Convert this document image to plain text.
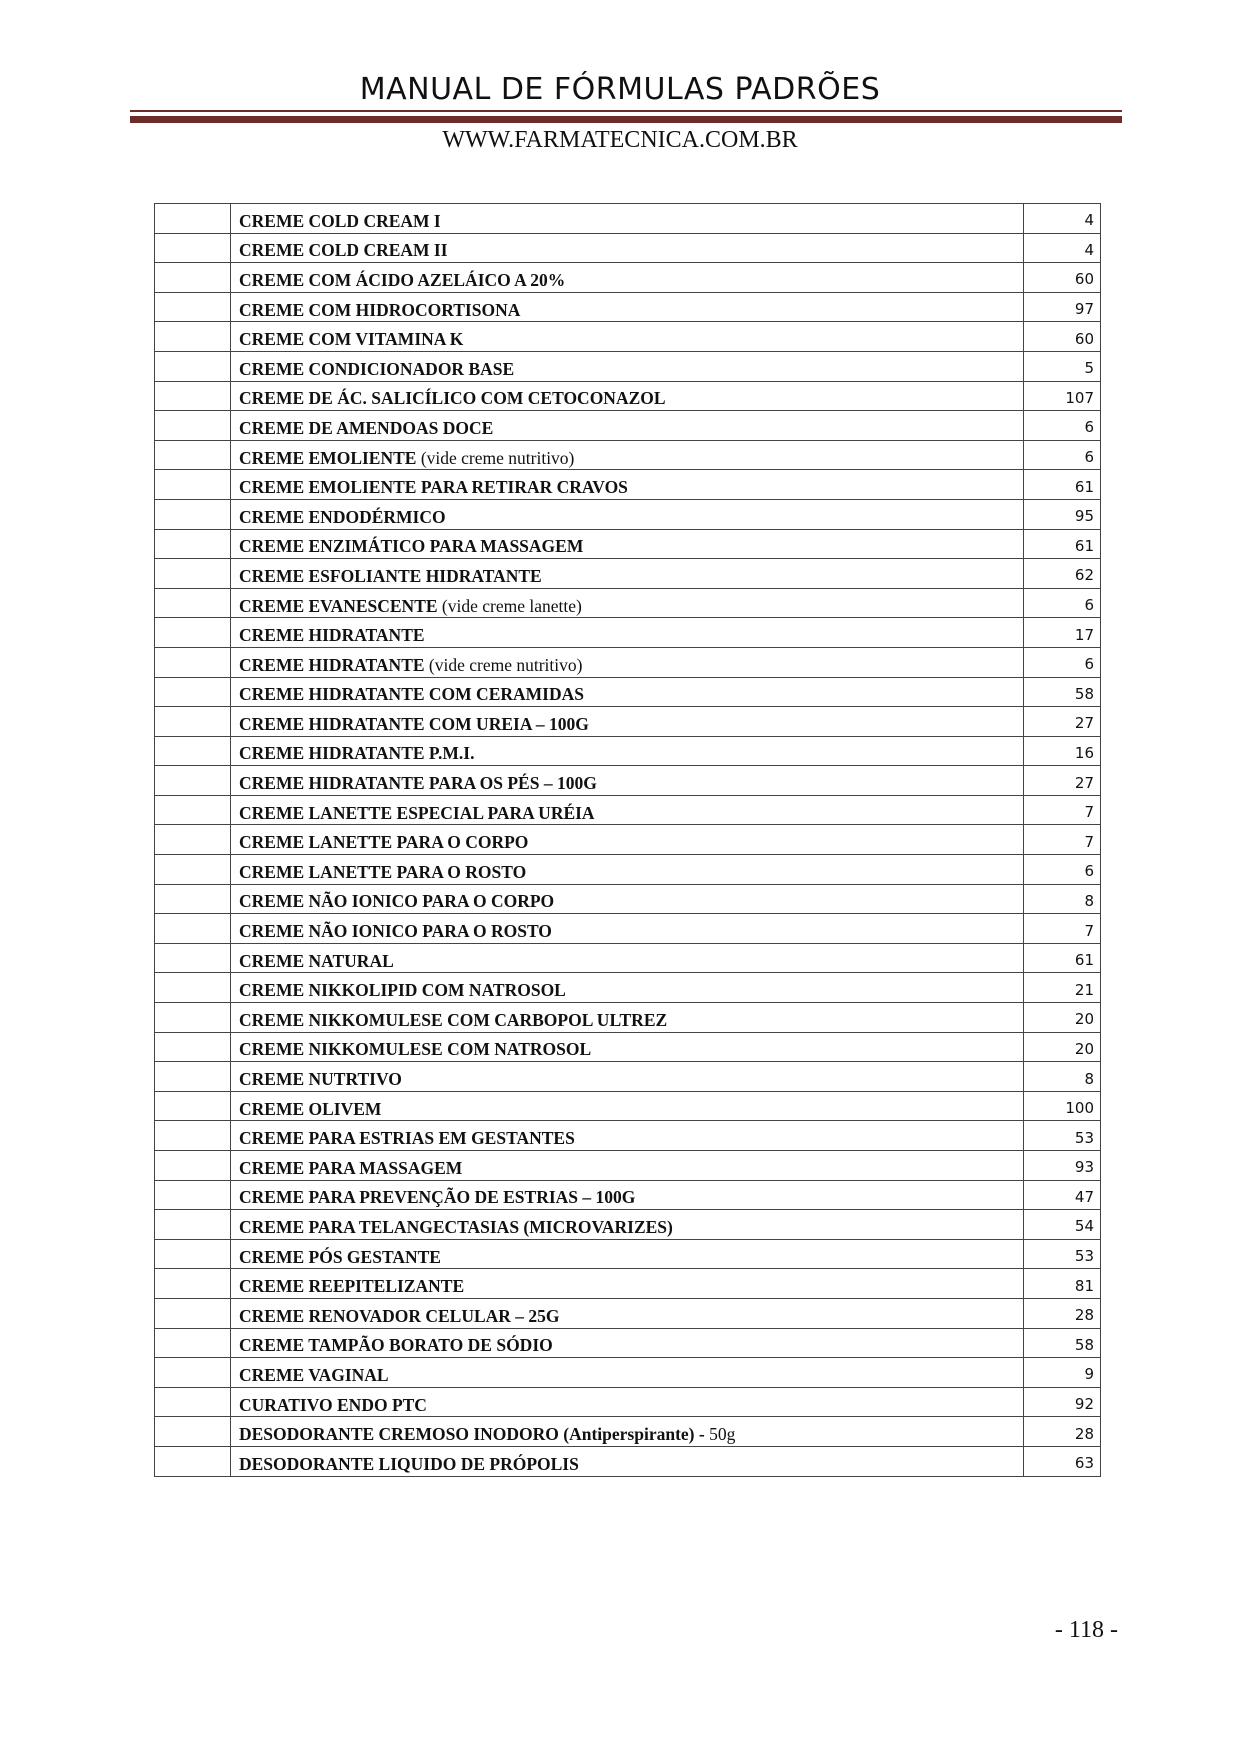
MANUAL DE FÓRMULAS PADRÕES
WWW.FARMATECNICA.COM.BR
	CREME COLD CREAM I	4
	CREME COLD CREAM II	4
	CREME COM ÁCIDO AZELÁICO A 20%	60
	CREME COM HIDROCORTISONA	97
	CREME COM VITAMINA K	60
	CREME CONDICIONADOR BASE	5
	CREME DE ÁC. SALICÍLICO COM CETOCONAZOL	107
	CREME DE AMENDOAS DOCE	6
	CREME EMOLIENTE (vide creme nutritivo)	6
	CREME EMOLIENTE PARA RETIRAR CRAVOS	61
	CREME ENDODÉRMICO	95
	CREME ENZIMÁTICO PARA MASSAGEM	61
	CREME ESFOLIANTE HIDRATANTE	62
	CREME EVANESCENTE (vide creme lanette)	6
	CREME HIDRATANTE	17
	CREME HIDRATANTE (vide creme nutritivo)	6
	CREME HIDRATANTE COM CERAMIDAS	58
	CREME HIDRATANTE COM UREIA – 100G	27
	CREME HIDRATANTE P.M.I.	16
	CREME HIDRATANTE PARA OS PÉS – 100G	27
	CREME LANETTE ESPECIAL PARA URÉIA	7
	CREME LANETTE PARA O CORPO	7
	CREME LANETTE PARA O ROSTO	6
	CREME NÃO IONICO PARA O CORPO	8
	CREME NÃO IONICO PARA O ROSTO	7
	CREME NATURAL	61
	CREME NIKKOLIPID COM NATROSOL	21
	CREME NIKKOMULESE COM CARBOPOL ULTREZ	20
	CREME NIKKOMULESE COM NATROSOL	20
	CREME NUTRTIVO	8
	CREME OLIVEM	100
	CREME PARA ESTRIAS EM GESTANTES	53
	CREME PARA MASSAGEM	93
	CREME PARA PREVENÇÃO DE ESTRIAS – 100G	47
	CREME PARA TELANGECTASIAS (MICROVARIZES)	54
	CREME PÓS GESTANTE	53
	CREME REEPITELIZANTE	81
	CREME RENOVADOR CELULAR – 25G	28
	CREME TAMPÃO BORATO DE SÓDIO	58
	CREME VAGINAL	9
	CURATIVO ENDO PTC	92
	DESODORANTE CREMOSO INODORO (Antiperspirante) - 50g	28
	DESODORANTE LIQUIDO DE PRÓPOLIS	63
- 118 -
